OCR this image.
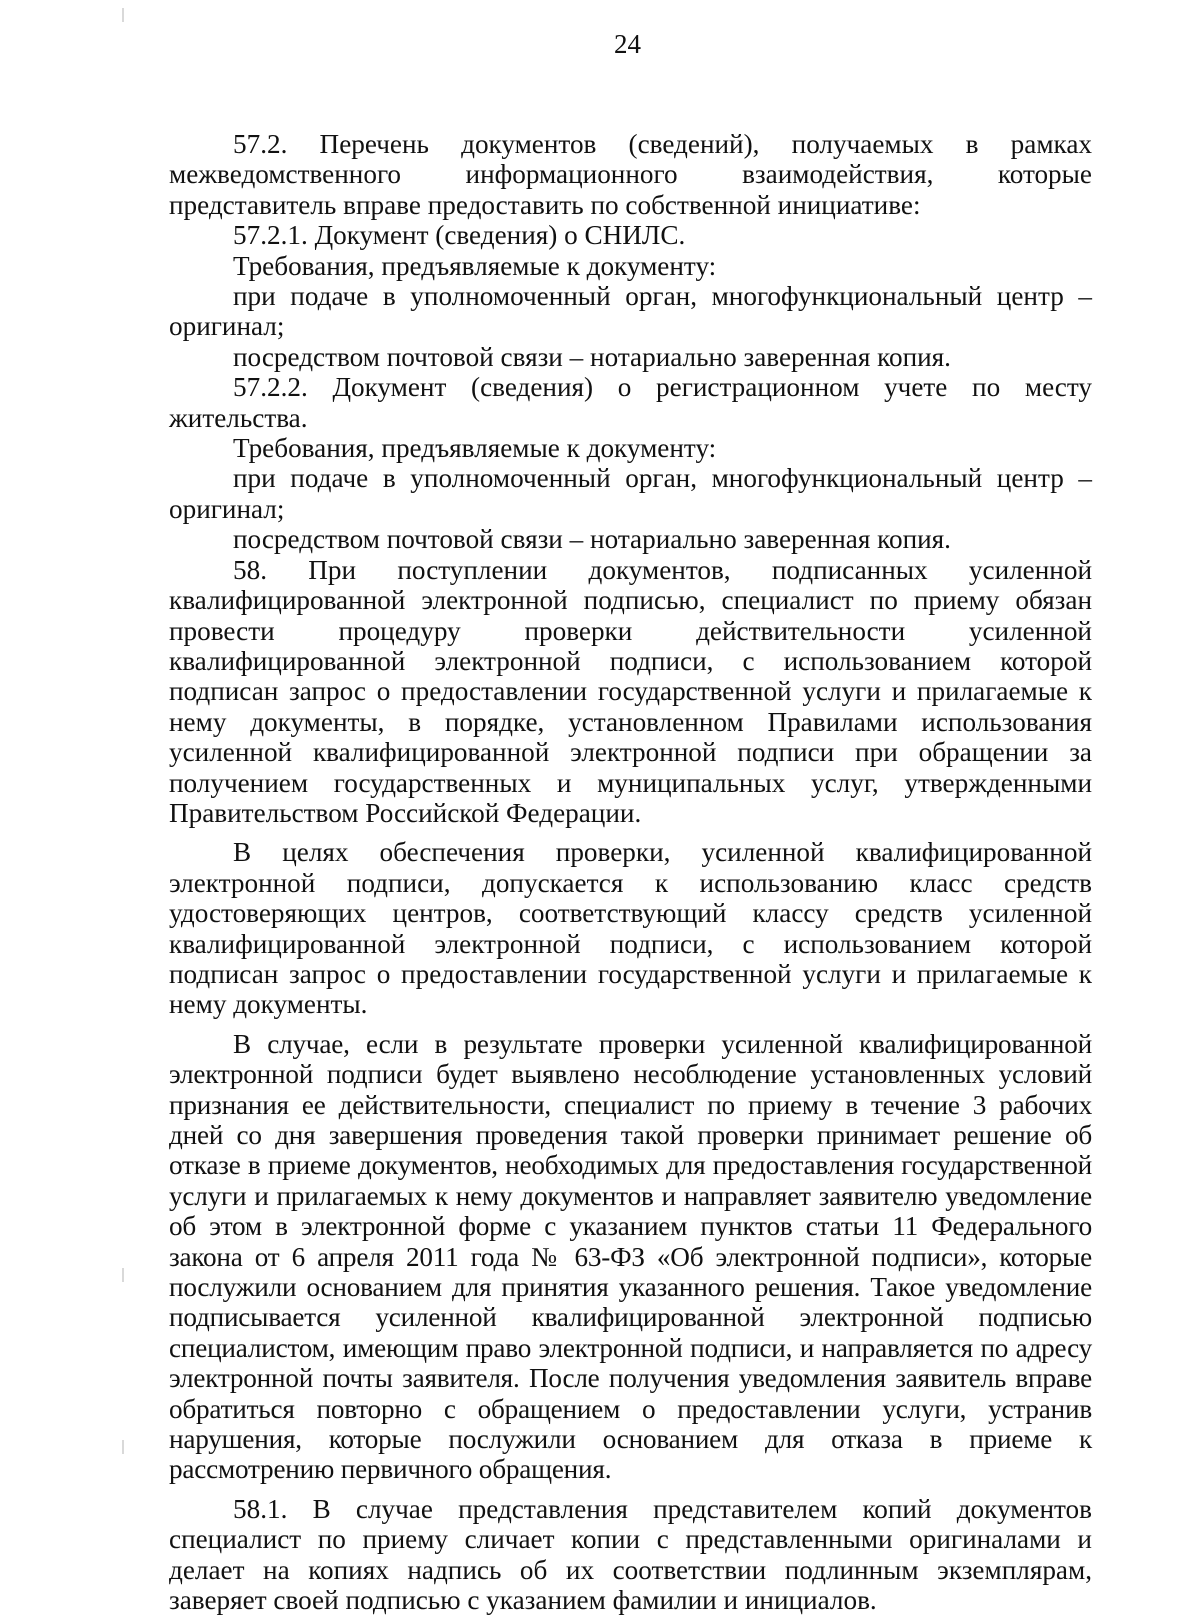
24

57.2. Перечень документов (сведений), получаемых в рамках межведомственного информационного взаимодействия, которые представитель вправе предоставить по собственной инициативе:

57.2.1. Документ (сведения) о СНИЛС.

Требования, предъявляемые к документу:

при подаче в уполномоченный орган, многофункциональный центр – оригинал;

посредством почтовой связи – нотариально заверенная копия.

57.2.2. Документ (сведения) о регистрационном учете по месту жительства.

Требования, предъявляемые к документу:

при подаче в уполномоченный орган, многофункциональный центр – оригинал;

посредством почтовой связи – нотариально заверенная копия.

58. При поступлении документов, подписанных усиленной квалифицированной электронной подписью, специалист по приему обязан провести процедуру проверки действительности усиленной квалифицированной электронной подписи, с использованием которой подписан запрос о предоставлении государственной услуги и прилагаемые к нему документы, в порядке, установленном Правилами использования усиленной квалифицированной электронной подписи при обращении за получением государственных и муниципальных услуг, утвержденными Правительством Российской Федерации.

В целях обеспечения проверки, усиленной квалифицированной электронной подписи, допускается к использованию класс средств удостоверяющих центров, соответствующий классу средств усиленной квалифицированной электронной подписи, с использованием которой подписан запрос о предоставлении государственной услуги и прилагаемые к нему документы.

В случае, если в результате проверки усиленной квалифицированной электронной подписи будет выявлено несоблюдение установленных условий признания ее действительности, специалист по приему в течение 3 рабочих дней со дня завершения проведения такой проверки принимает решение об отказе в приеме документов, необходимых для предоставления государственной услуги и прилагаемых к нему документов и направляет заявителю уведомление об этом в электронной форме с указанием пунктов статьи 11 Федерального закона от 6 апреля 2011 года № 63-ФЗ «Об электронной подписи», которые послужили основанием для принятия указанного решения. Такое уведомление подписывается усиленной квалифицированной электронной подписью специалистом, имеющим право электронной подписи, и направляется по адресу электронной почты заявителя. После получения уведомления заявитель вправе обратиться повторно с обращением о предоставлении услуги, устранив нарушения, которые послужили основанием для отказа в приеме к рассмотрению первичного обращения.

58.1. В случае представления представителем копий документов специалист по приему сличает копии с представленными оригиналами и делает на копиях надпись об их соответствии подлинным экземплярам, заверяет своей подписью с указанием фамилии и инициалов.
